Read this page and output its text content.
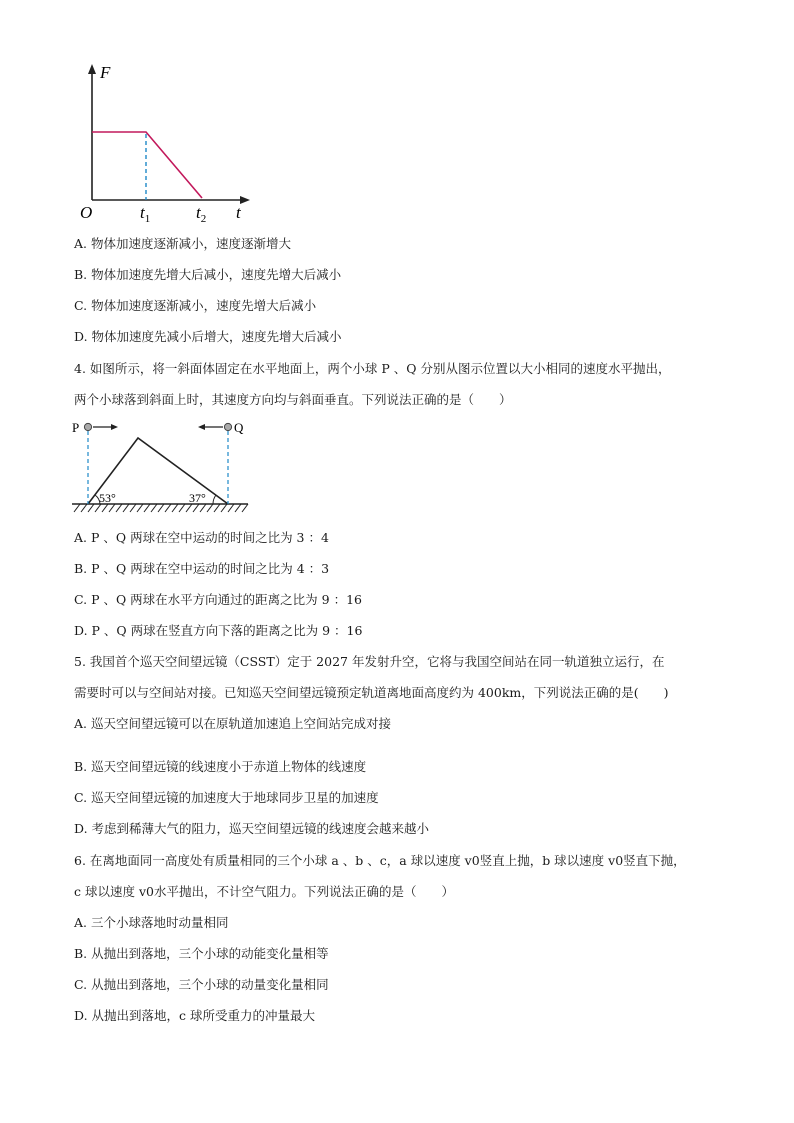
F
O	$t_1$	$t_2$ t
A. 物体加速度逐渐减小，速度逐渐增大
B. 物体加速度先增大后减小，速度先增大后减小
C. 物体加速度逐渐减小，速度先增大后减小
D. 物体加速度先减小后增大，速度先增大后减小
4. 如图所示，将一斜面体固定在水平地面上，两个小球 P 、Q 分别从图示位置以大小相同的速度水平抛出，
两个小球落到斜面上时，其速度方向均与斜面垂直。下列说法正确的是（　　）
53°	37°
P	Q
A. P 、Q 两球在空中运动的时间之比为 3 ：4
B. P 、Q 两球在空中运动的时间之比为 4 ：3
C. P 、Q 两球在水平方向通过的距离之比为 9 ：16
D. P 、Q 两球在竖直方向下落的距离之比为 9 ：16
5. 我国首个巡天空间望远镜（CSST）定于 2027 年发射升空，它将与我国空间站在同一轨道独立运行，在
需要时可以与空间站对接。已知巡天空间望远镜预定轨道离地面高度约为 400km，下列说法正确的是(　　)
A. 巡天空间望远镜可以在原轨道加速追上空间站完成对接
B. 巡天空间望远镜的线速度小于赤道上物体的线速度
C. 巡天空间望远镜的加速度大于地球同步卫星的加速度
D. 考虑到稀薄大气的阻力，巡天空间望远镜的线速度会越来越小
6. 在离地面同一高度处有质量相同的三个小球 a 、b 、c，a 球以速度 v0竖直上抛，b 球以速度 v0竖直下抛，
c 球以速度 v0水平抛出，不计空气阻力。下列说法正确的是（　　）
A. 三个小球落地时动量相同
B. 从抛出到落地，三个小球的动能变化量相等
C. 从抛出到落地，三个小球的动量变化量相同
D. 从抛出到落地，c 球所受重力的冲量最大
